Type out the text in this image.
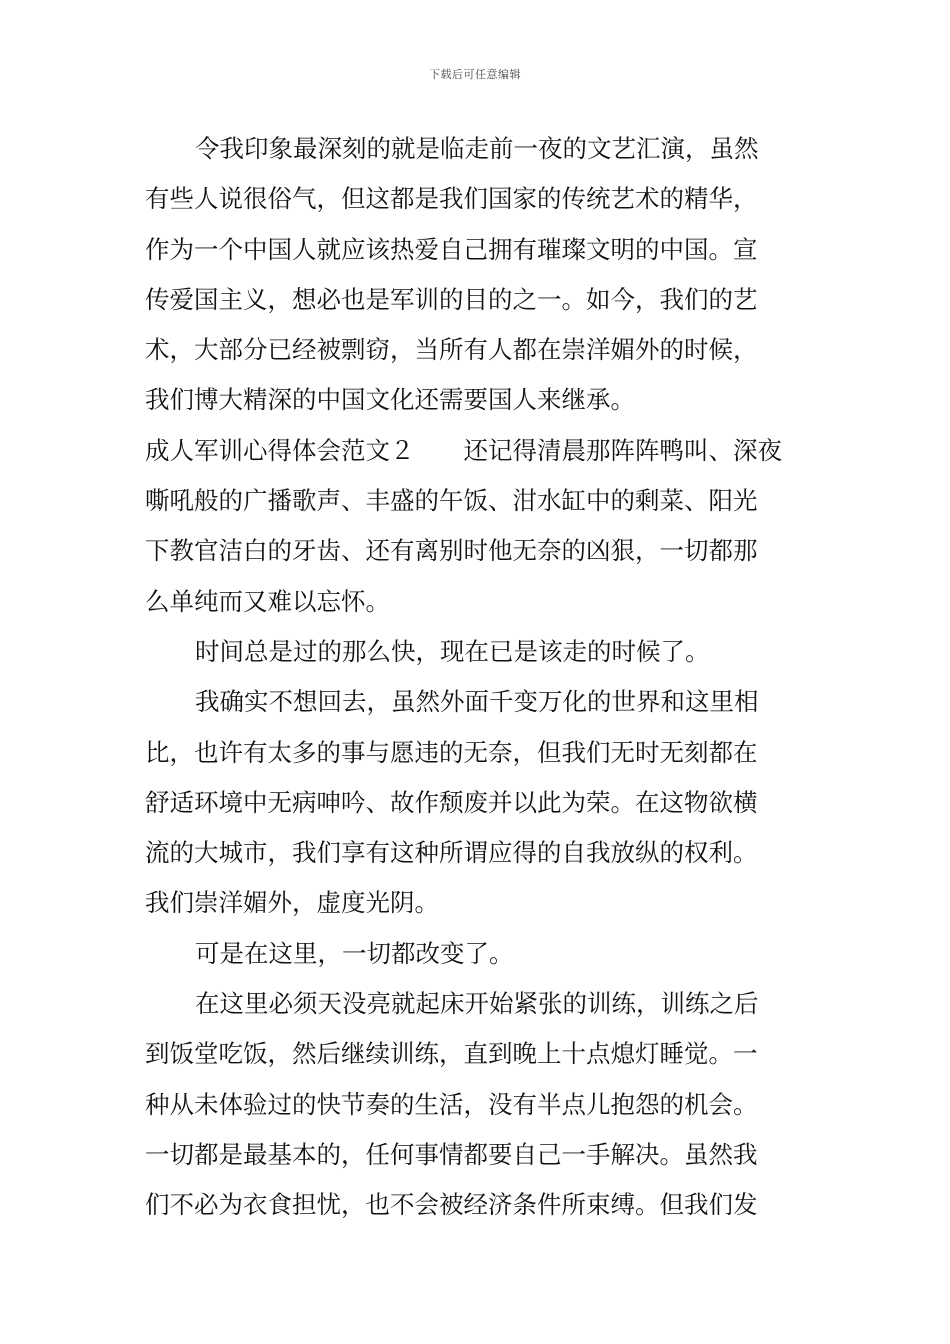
下载后可任意编辑
令我印象最深刻的就是临走前一夜的文艺汇演，虽然
有些人说很俗气，但这都是我们国家的传统艺术的精华，
作为一个中国人就应该热爱自己拥有璀璨文明的中国。宣
传爱国主义，想必也是军训的目的之一。如今，我们的艺
术，大部分已经被剽窃，当所有人都在崇洋媚外的时候，
我们博大精深的中国文化还需要国人来继承。
成人军训心得体会范文２　　还记得清晨那阵阵鸭叫、深夜
嘶吼般的广播歌声、丰盛的午饭、泔水缸中的剩菜、阳光
下教官洁白的牙齿、还有离别时他无奈的凶狠，一切都那
么单纯而又难以忘怀。
时间总是过的那么快，现在已是该走的时候了。
我确实不想回去，虽然外面千变万化的世界和这里相
比，也许有太多的事与愿违的无奈，但我们无时无刻都在
舒适环境中无病呻吟、故作颓废并以此为荣。在这物欲横
流的大城市，我们享有这种所谓应得的自我放纵的权利。
我们崇洋媚外，虚度光阴。
可是在这里，一切都改变了。
在这里必须天没亮就起床开始紧张的训练，训练之后
到饭堂吃饭，然后继续训练，直到晚上十点熄灯睡觉。一
种从未体验过的快节奏的生活，没有半点儿抱怨的机会。
一切都是最基本的，任何事情都要自己一手解决。虽然我
们不必为衣食担忧，也不会被经济条件所束缚。但我们发
